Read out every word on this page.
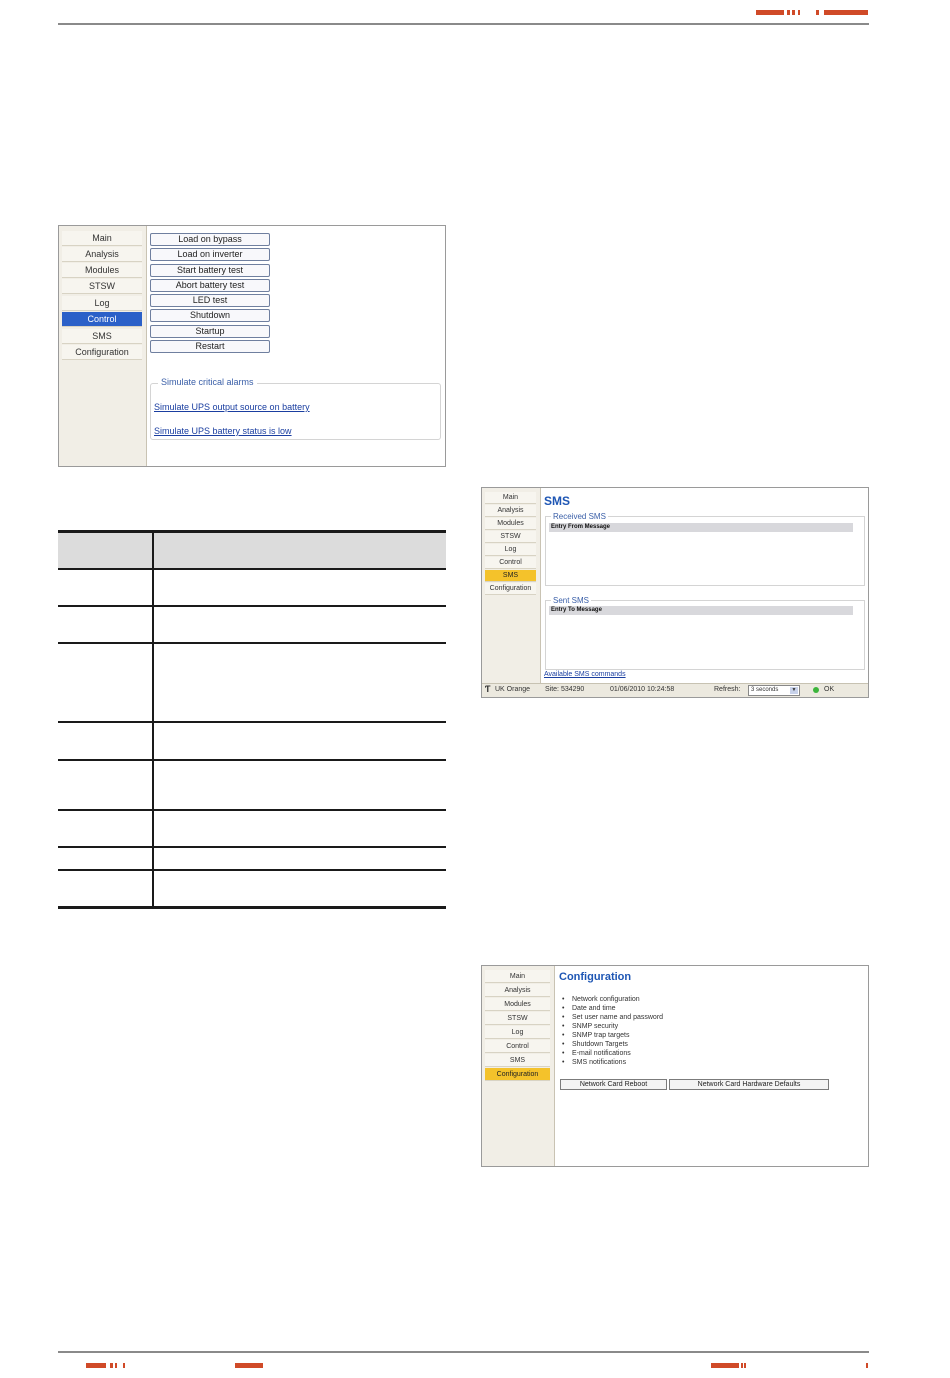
Main
Analysis
Modules
STSW
Log
Control
SMS
Configuration
Load on bypass
Load on inverter
Start battery test
Abort battery test
LED test
Shutdown
Startup
Restart
Simulate critical alarms
Simulate UPS output source on battery
Simulate UPS battery status is low
Main
Analysis
Modules
STSW
Log
Control
SMS
Configuration
SMS
Received SMS
Entry From Message
Sent SMS
Entry To Message
Available SMS commands
Ƭ UK Orange Site: 534290	01/06/2010 10:24:58	Refresh:	3 seconds	▼	OK
Main
Analysis
Modules
STSW
Log
Control
SMS
Configuration
Configuration
• Network configuration
• Date and time
• Set user name and password
• SNMP security
• SNMP trap targets
• Shutdown Targets
• E-mail notifications
• SMS notifications
Network Card Reboot	Network Card Hardware Defaults
